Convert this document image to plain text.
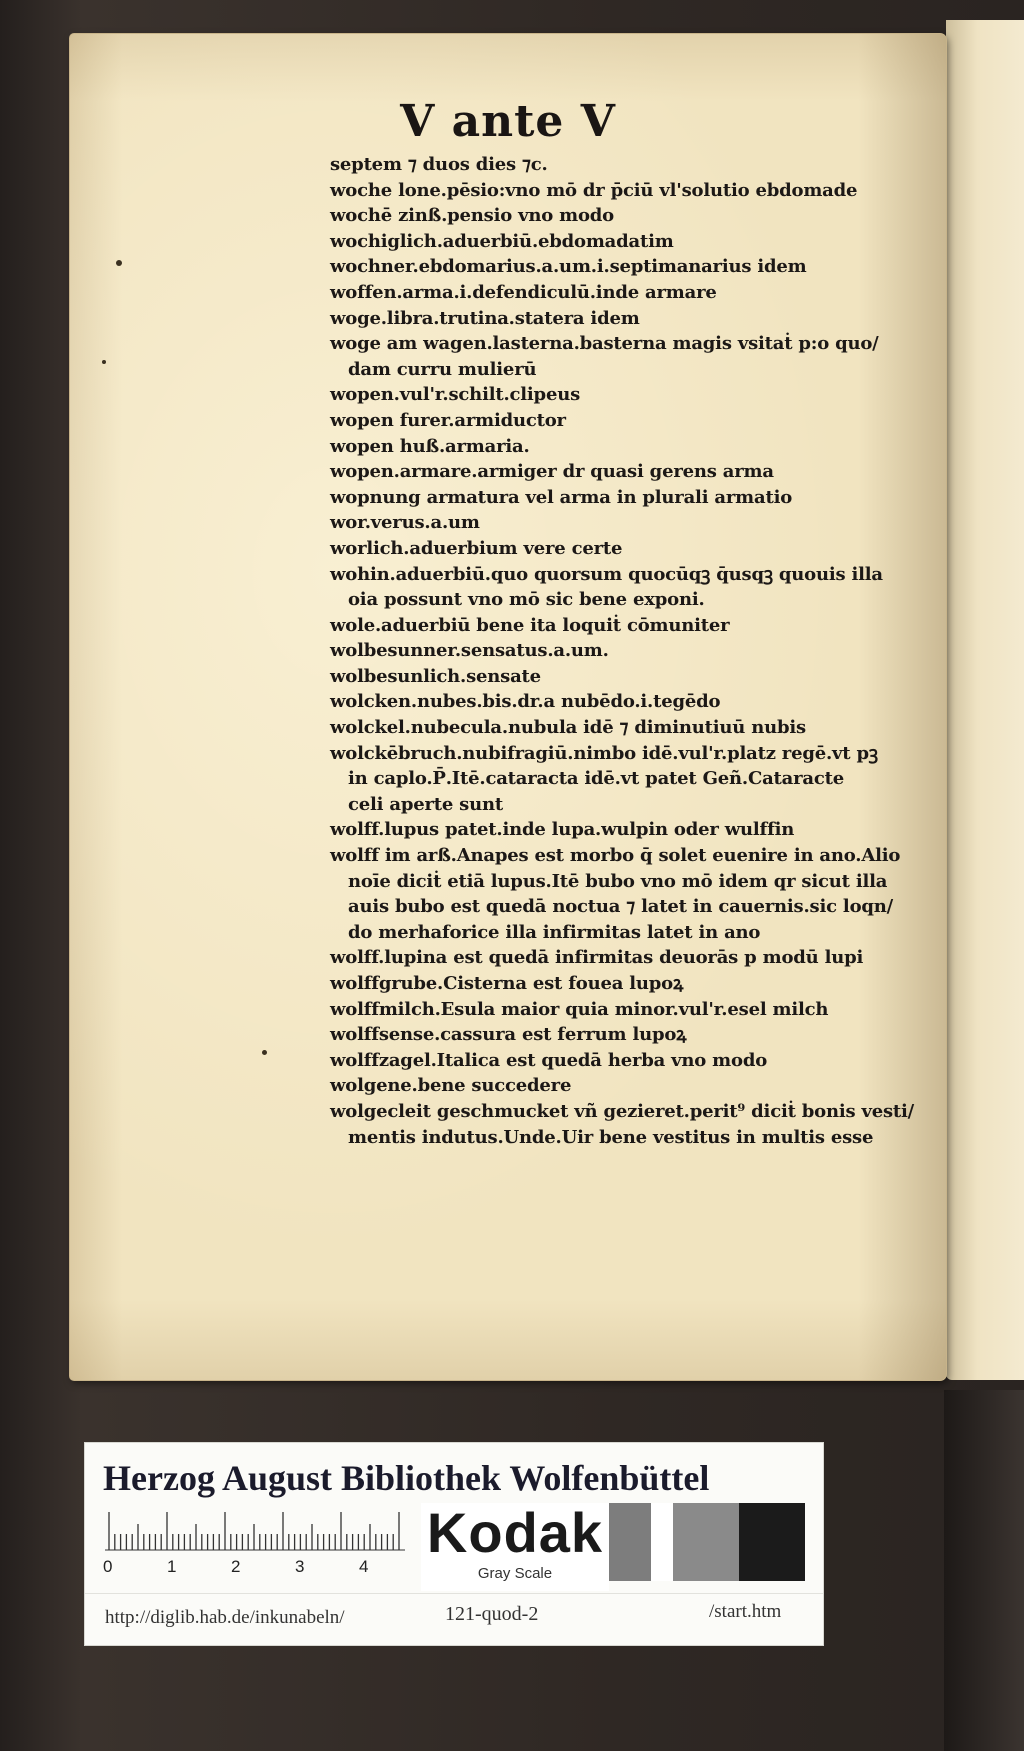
V ante V
septem ⁊ duos dies ⁊c.
woche lone.pēsio:vno mō dr p̄ciū vl'solutio ebdomade
wochē zinß.pensio vno modo
wochiglich.aduerbiū.ebdomadatim
wochner.ebdomarius.a.um.i.septimanarius idem
woffen.arma.i.defendiculū.inde armare
woge.libra.trutina.statera idem
woge am wagen.lasterna.basterna magis vsitaṫ p:o quo/
dam curru mulierū
wopen.vul'r.schilt.clipeus
wopen furer.armiductor
wopen huß.armaria.
wopen.armare.armiger dr quasi gerens arma
wopnung armatura vel arma in plurali armatio
wor.verus.a.um
worlich.aduerbium vere certe
wohin.aduerbiū.quo quorsum quocūqꝫ q̄usqꝫ quouis illa
oia possunt vno mō sic bene exponi.
wole.aduerbiū bene ita loquiṫ cōmuniter
wolbesunner.sensatus.a.um.
wolbesunlich.sensate
wolcken.nubes.bis.dr.a nubēdo.i.tegēdo
wolckel.nubecula.nubula idē ⁊ diminutiuū nubis
wolckēbruch.nubifragiū.nimbo idē.vul'r.platz regē.vt pꝫ
in caplo.P̄.Itē.cataracta idē.vt patet Geñ.Cataracte
celi aperte sunt
wolff.lupus patet.inde lupa.wulpin oder wulffin
wolff im arß.Anapes est morbo q̄ solet euenire in ano.Alio
noīe diciṫ etiā lupus.Itē bubo vno mō idem qr sicut illa
auis bubo est quedā noctua ⁊ latet in cauernis.sic loqn/
do merhaforice illa infirmitas latet in ano
wolff.lupina est quedā infirmitas deuorās p modū lupi
wolffgrube.Cisterna est fouea lupoꝝ
wolffmilch.Esula maior quia minor.vul'r.esel milch
wolffsense.cassura est ferrum lupoꝝ
wolffzagel.Italica est quedā herba vno modo
wolgene.bene succedere
wolgecleit geschmucket vñ gezieret.perit⁹ diciṫ bonis vesti/
mentis indutus.Unde.Uir bene vestitus in multis esse
Herzog August Bibliothek Wolfenbüttel
0	1	2	3	4
Kodak
Gray Scale
http://diglib.hab.de/inkunabeln/	121-quod-2	/start.htm
